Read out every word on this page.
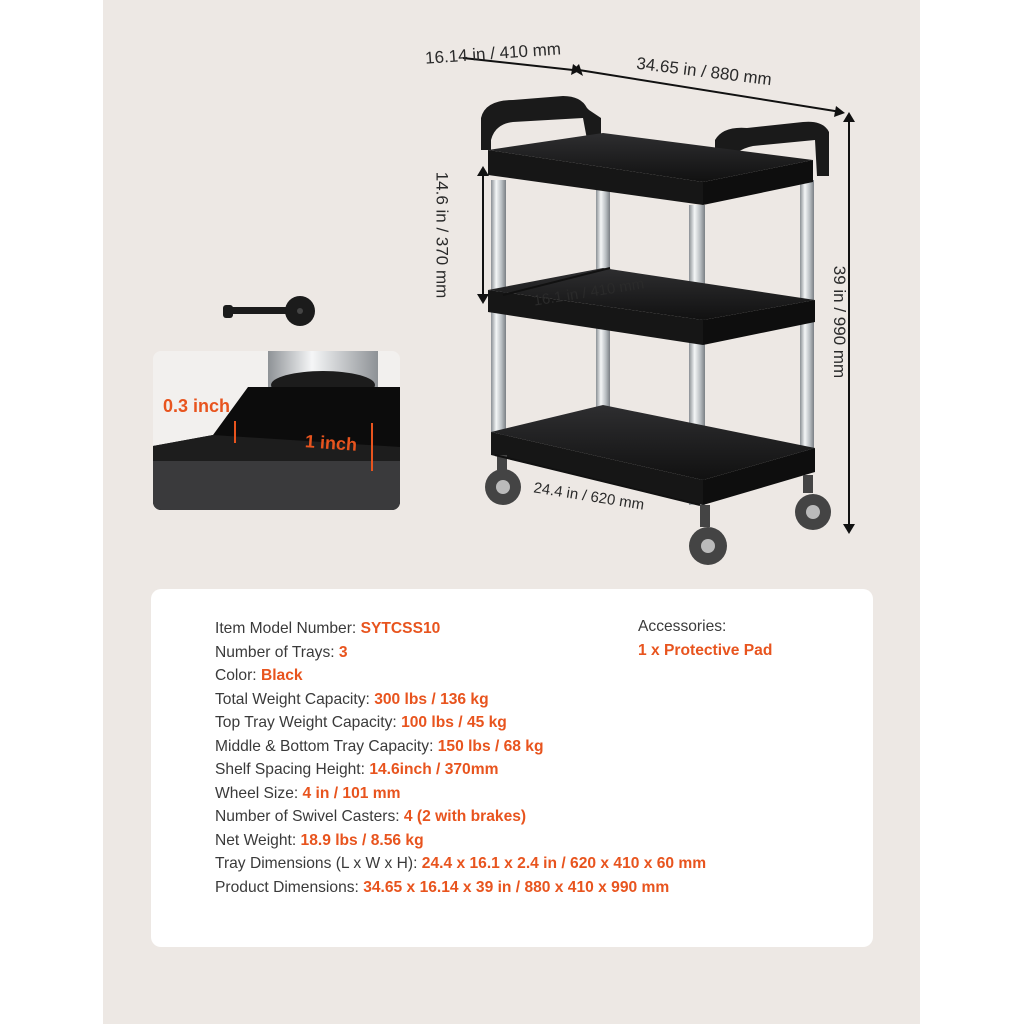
16.14 in / 410 mm
34.65 in / 880 mm
14.6 in / 370 mm
39 in / 990 mm
16.1 in / 410 mm
24.4 in / 620 mm
0.3 inch
1 inch
Item Model Number: SYTCSS10
Number of Trays: 3
Color: Black
Total Weight Capacity: 300 lbs / 136 kg
Top Tray Weight Capacity: 100 lbs / 45 kg
Middle & Bottom Tray Capacity: 150 lbs / 68 kg
Shelf Spacing Height: 14.6inch / 370mm
Wheel Size: 4 in / 101 mm
Number of Swivel Casters: 4 (2 with brakes)
Net Weight: 18.9 lbs / 8.56 kg
Tray Dimensions (L x W x H): 24.4 x 16.1 x 2.4 in / 620 x 410 x 60 mm
Product Dimensions: 34.65 x 16.14 x 39 in / 880 x 410 x 990 mm
Accessories:
1 x Protective Pad
